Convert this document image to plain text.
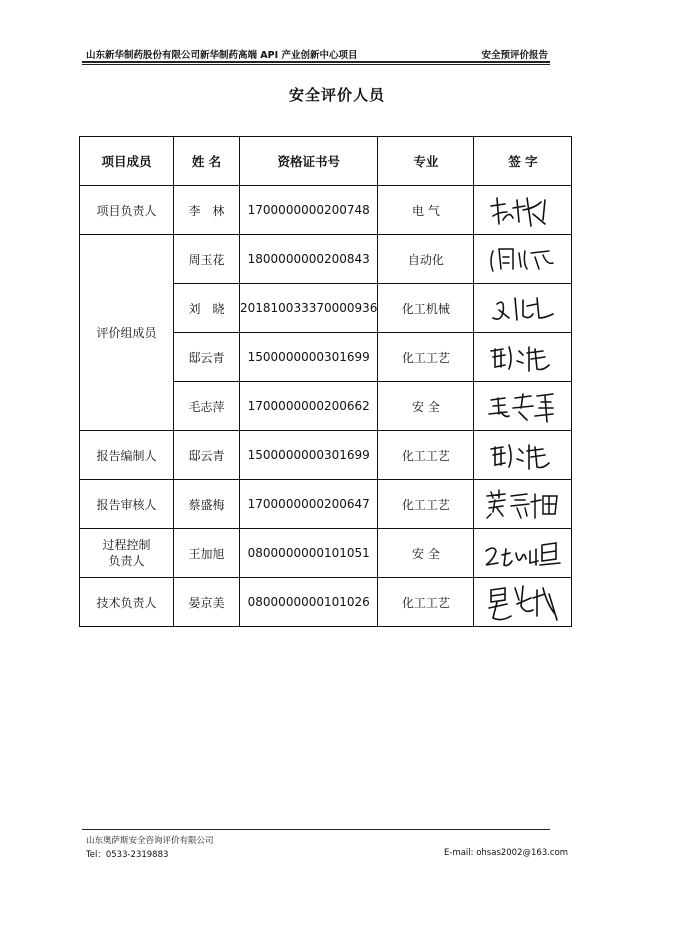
山东新华制药股份有限公司新华制药高端 API 产业创新中心项目	安全预评价报告
安全评价人员
项目成员	姓 名	资格证书号	专业	签 字
项目负责人	李　林	1700000000200748	电 气	

评价组成员	周玉花	1800000000200843	自动化	

	刘　晓	201810033370000936	化工机械	

	邸云青	1500000000301699	化工工艺	

	毛志萍	1700000000200662	安 全	

报告编制人	邸云青	1500000000301699	化工工艺	

报告审核人	蔡盛梅	1700000000200647	化工工艺	

过程控制
负责人	王加旭	0800000000101051	安 全	

技术负责人	晏京美	0800000000101026	化工工艺	
山东奥萨斯安全咨询评价有限公司
Tel：0533-2319883	E-mail: ohsas2002@163.com
